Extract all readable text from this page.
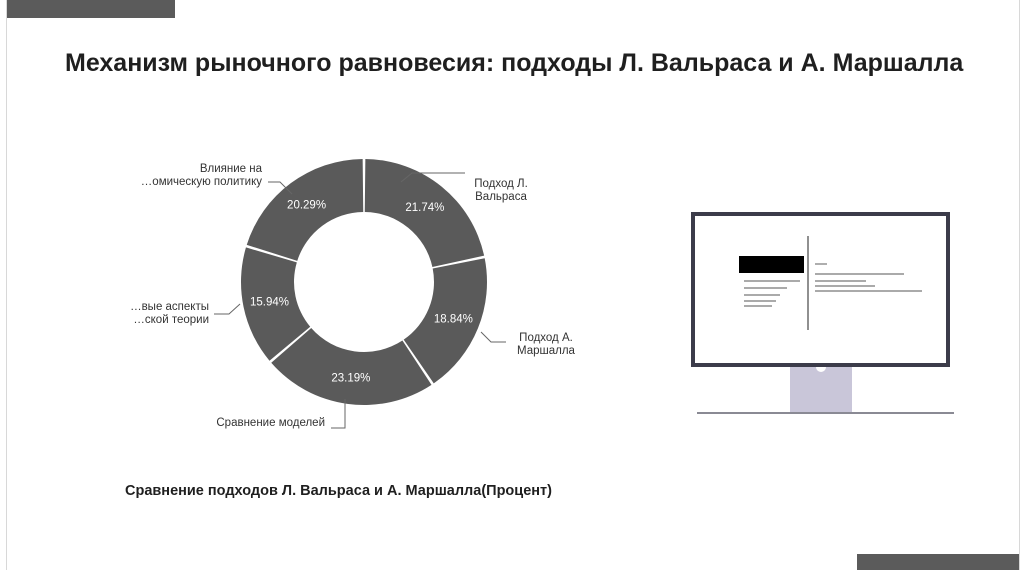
Механизм рыночного равновесия: подходы Л. Вальраса и А. Маршалла
Сравнение подходов Л. Вальраса и А. Маршалла(Процент)
21.74%
18.84%
23.19%
15.94%
20.29%
Подход Л.
Вальраса
Подход А.
Маршалла
Сравнение моделей
…вые аспекты
…ской теории
Влияние на
…омическую политику
